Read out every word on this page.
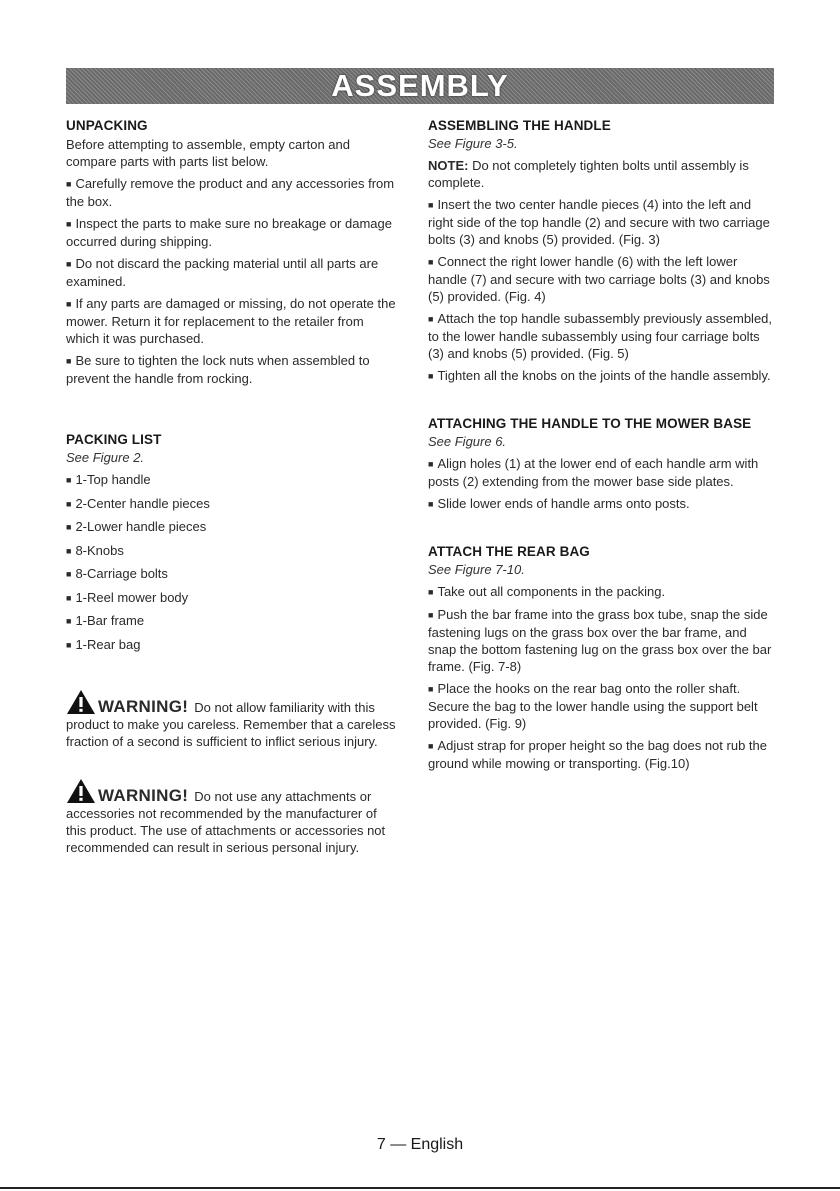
ASSEMBLY
UNPACKING

Before attempting to assemble, empty carton and compare parts with parts list below.

■ Carefully remove the product and any accessories from the box.

■ Inspect the parts to make sure no breakage or damage occurred during shipping.

■ Do not discard the packing material until all parts are examined.

■ If any parts are damaged or missing, do not operate the mower. Return it for replacement to the retailer from which it was purchased.

■ Be sure to tighten the lock nuts when assembled to prevent the handle from rocking.

PACKING LIST
See Figure 2.
■ 1-Top handle
■ 2-Center handle pieces
■ 2-Lower handle pieces
■ 8-Knobs
■ 8-Carriage bolts
■ 1-Reel mower body
■ 1-Bar frame
■ 1-Rear bag

WARNING! Do not allow familiarity with this product to make you careless. Remember that a careless fraction of a second is sufficient to inflict serious injury.

WARNING! Do not use any attachments or accessories not recommended by the manufacturer of this product. The use of attachments or accessories not recommended can result in serious personal injury.

ASSEMBLING THE HANDLE
See Figure 3-5.

NOTE: Do not completely tighten bolts until assembly is complete.

■ Insert the two center handle pieces (4) into the left and right side of the top handle (2) and secure with two carriage bolts (3) and knobs (5) provided. (Fig. 3)

■ Connect the right lower handle (6) with the left lower handle (7) and secure with two carriage bolts (3) and knobs (5) provided. (Fig. 4)

■ Attach the top handle subassembly previously assembled, to the lower handle subassembly using four carriage bolts (3) and knobs (5) provided. (Fig. 5)

■ Tighten all the knobs on the joints of the handle assembly.

ATTACHING THE HANDLE TO THE MOWER BASE
See Figure 6.

■ Align holes (1) at the lower end of each handle arm with posts (2) extending from the mower base side plates.

■ Slide lower ends of handle arms onto posts.

ATTACH THE REAR BAG
See Figure 7-10.

■ Take out all components in the packing.

■ Push the bar frame into the grass box tube, snap the side fastening lugs on the grass box over the bar frame, and snap the bottom fastening lug on the grass box over the bar frame. (Fig. 7-8)

■ Place the hooks on the rear bag onto the roller shaft. Secure the bag to the lower handle using the support belt provided. (Fig. 9)

■ Adjust strap for proper height so the bag does not rub the ground while mowing or transporting. (Fig.10)

7 — English
